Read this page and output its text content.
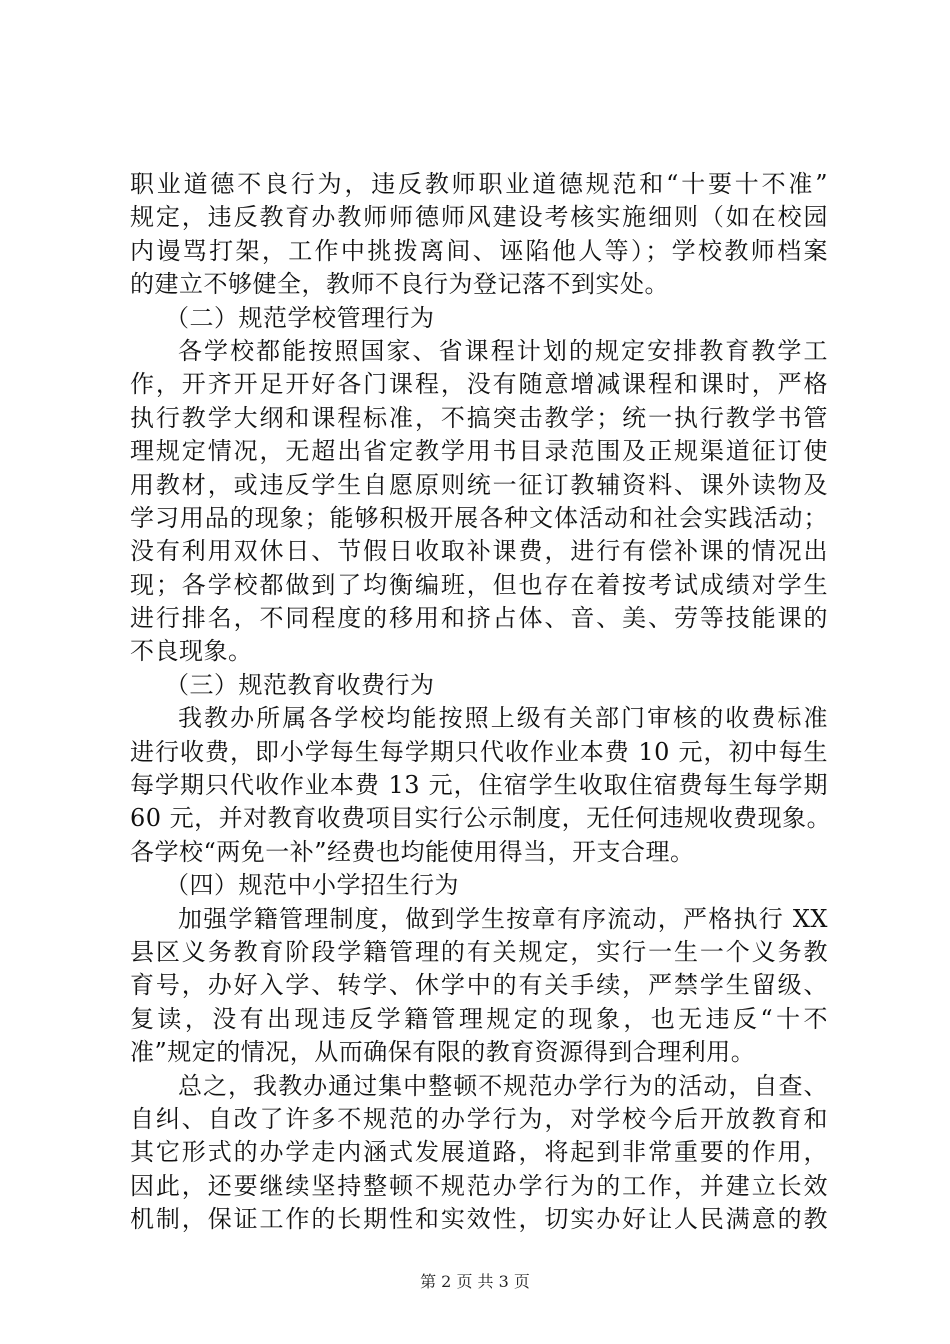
职业道德不良行为，违反教师职业道德规范和“十要十不准”
规定，违反教育办教师师德师风建设考核实施细则（如在校园
内谩骂打架，工作中挑拨离间、诬陷他人等）；学校教师档案
的建立不够健全，教师不良行为登记落不到实处。
（二）规范学校管理行为
各学校都能按照国家、省课程计划的规定安排教育教学工
作，开齐开足开好各门课程，没有随意增减课程和课时，严格
执行教学大纲和课程标准，不搞突击教学；统一执行教学书管
理规定情况，无超出省定教学用书目录范围及正规渠道征订使
用教材，或违反学生自愿原则统一征订教辅资料、课外读物及
学习用品的现象；能够积极开展各种文体活动和社会实践活动；
没有利用双休日、节假日收取补课费，进行有偿补课的情况出
现；各学校都做到了均衡编班，但也存在着按考试成绩对学生
进行排名，不同程度的移用和挤占体、音、美、劳等技能课的
不良现象。
（三）规范教育收费行为
我教办所属各学校均能按照上级有关部门审核的收费标准
进行收费，即小学每生每学期只代收作业本费 10 元，初中每生
每学期只代收作业本费 13 元，住宿学生收取住宿费每生每学期
60 元，并对教育收费项目实行公示制度，无任何违规收费现象。
各学校“两免一补”经费也均能使用得当，开支合理。
（四）规范中小学招生行为
加强学籍管理制度，做到学生按章有序流动，严格执行 XX
县区义务教育阶段学籍管理的有关规定，实行一生一个义务教
育号，办好入学、转学、休学中的有关手续，严禁学生留级、
复读，没有出现违反学籍管理规定的现象，也无违反“十不
准”规定的情况，从而确保有限的教育资源得到合理利用。
总之，我教办通过集中整顿不规范办学行为的活动，自查、
自纠、自改了许多不规范的办学行为，对学校今后开放教育和
其它形式的办学走内涵式发展道路，将起到非常重要的作用，
因此，还要继续坚持整顿不规范办学行为的工作，并建立长效
机制，保证工作的长期性和实效性，切实办好让人民满意的教
第 2 页 共 3 页
